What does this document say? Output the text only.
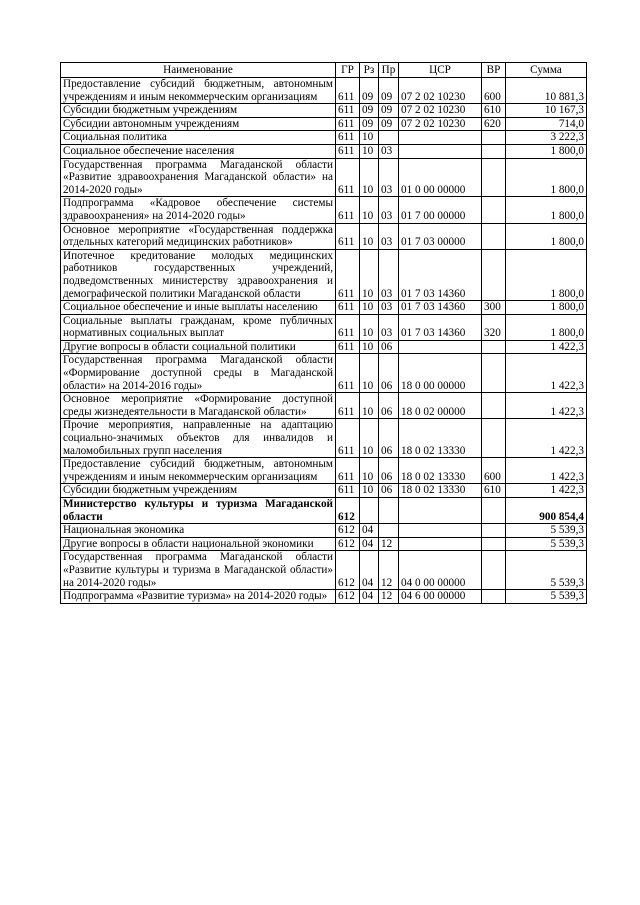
Наименование	ГР	Рз	Пр	ЦСР	ВР	Сумма
Предоставление субсидий бюджетным, автономным учреждениям и иным некоммерческим организациям	611	09	09	07 2 02 10230	600	10 881,3
Субсидии бюджетным учреждениям	611	09	09	07 2 02 10230	610	10 167,3
Субсидии автономным учреждениям	611	09	09	07 2 02 10230	620	714,0
Социальная политика	611	10				3 222,3
Социальное обеспечение населения	611	10	03			1 800,0
Государственная программа Магаданской области «Развитие здравоохранения Магаданской области» на 2014-2020 годы»	611	10	03	01 0 00 00000		1 800,0
Подпрограмма «Кадровое обеспечение системы здравоохранения» на 2014-2020 годы»	611	10	03	01 7 00 00000		1 800,0
Основное мероприятие «Государственная поддержка отдельных категорий медицинских работников»	611	10	03	01 7 03 00000		1 800,0
Ипотечное кредитование молодых медицинских работников государственных учреждений, подведомственных министерству здравоохранения и демографической политики Магаданской области	611	10	03	01 7 03 14360		1 800,0
Социальное обеспечение и иные выплаты населению	611	10	03	01 7 03 14360	300	1 800,0
Социальные выплаты гражданам, кроме публичных нормативных социальных выплат	611	10	03	01 7 03 14360	320	1 800,0
Другие вопросы в области социальной политики	611	10	06			1 422,3
Государственная программа Магаданской области «Формирование доступной среды в Магаданской области» на 2014-2016 годы»	611	10	06	18 0 00 00000		1 422,3
Основное мероприятие «Формирование доступной среды жизнедеятельности в Магаданской области»	611	10	06	18 0 02 00000		1 422,3
Прочие мероприятия, направленные на адаптацию социально-значимых объектов для инвалидов и маломобильных групп населения	611	10	06	18 0 02 13330		1 422,3
Предоставление субсидий бюджетным, автономным учреждениям и иным некоммерческим организациям	611	10	06	18 0 02 13330	600	1 422,3
Субсидии бюджетным учреждениям	611	10	06	18 0 02 13330	610	1 422,3
Министерство культуры и туризма Магаданской области	612					900 854,4
Национальная экономика	612	04				5 539,3
Другие вопросы в области национальной экономики	612	04	12			5 539,3
Государственная программа Магаданской области «Развитие культуры и туризма в Магаданской области» на 2014-2020 годы»	612	04	12	04 0 00 00000		5 539,3
Подпрограмма «Развитие туризма» на 2014-2020 годы»	612	04	12	04 6 00 00000		5 539,3
